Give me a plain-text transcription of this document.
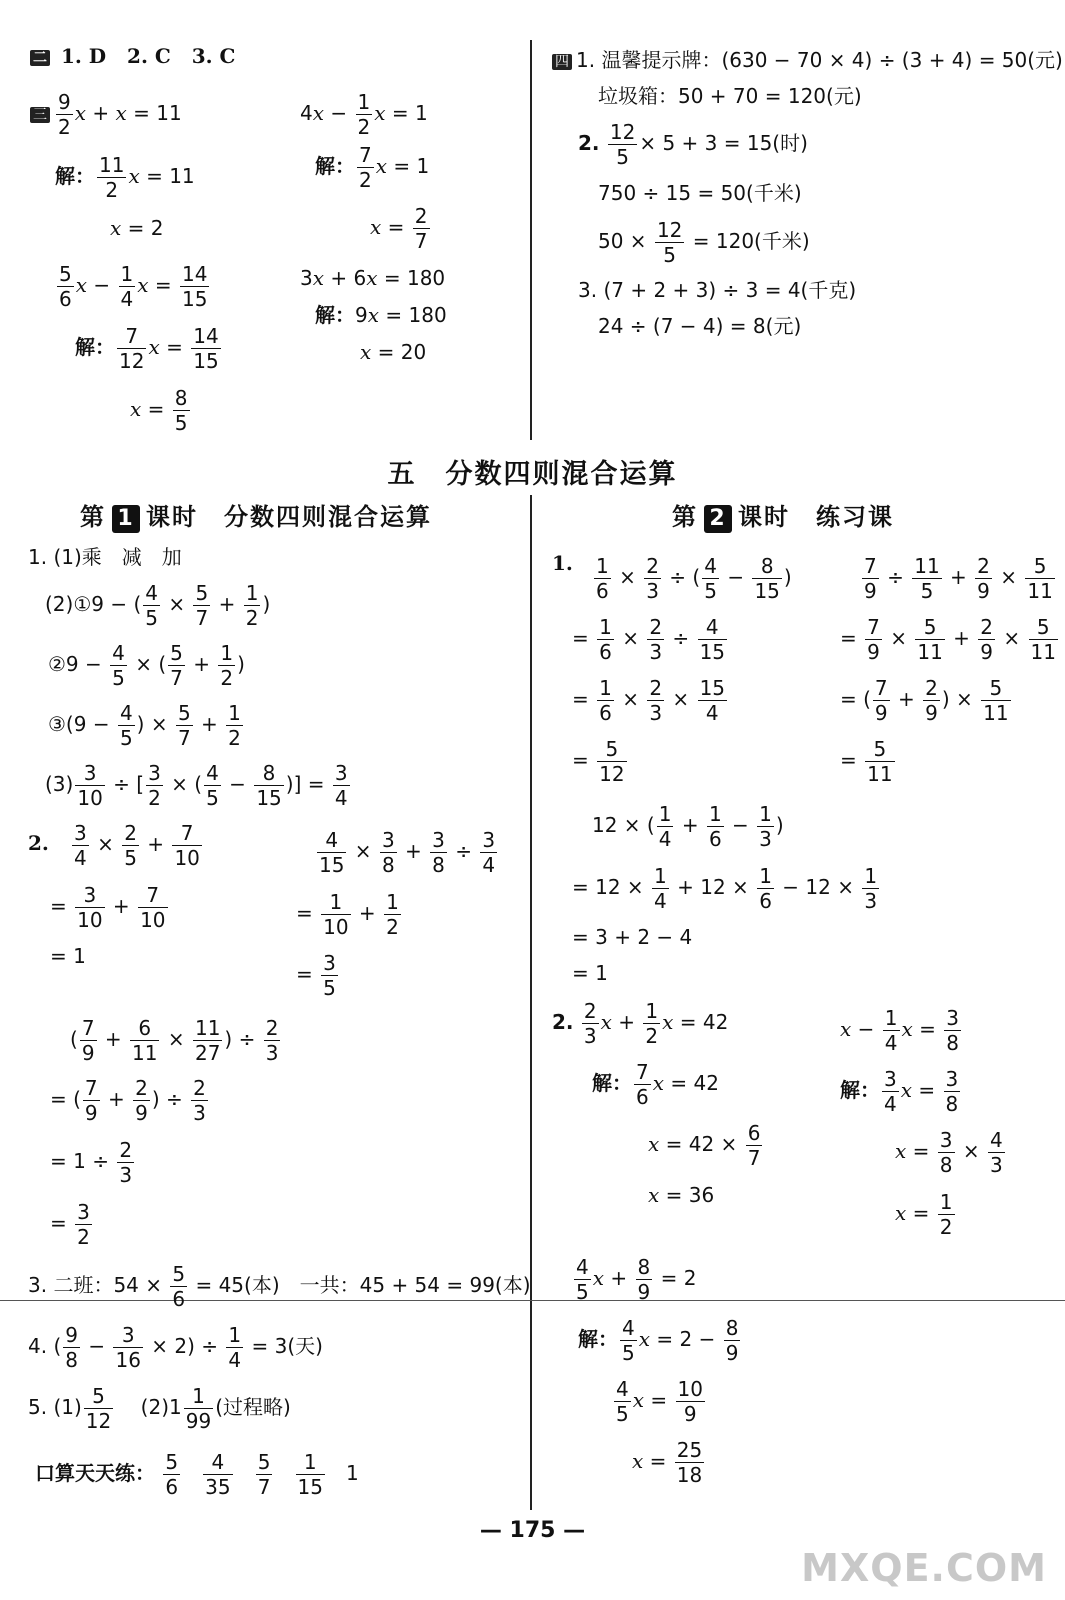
二 1. D 2. C 3. C
三 $\frac{9}{2}$ x + x = 11
解： $\frac{11}{2}$ x = 11
x = 2
$\frac{5}{6}$ $x - \frac{1}{4}$ $x = \frac{14}{15}$
解： $\frac{7}{12}$ $x = \frac{14}{15}$
$x = \frac{8}{5}$
$4x - \frac{1}{2}$ x = 1
解： $\frac{7}{2}$ x = 1
$x = \frac{2}{7}$
3x + 6x = 180
解：9x = 180
x = 20
四 1. 温馨提示牌：(630 − 70 × 4) ÷ (3 + 4) = 50(元)
垃圾箱：50 + 70 = 120(元)
2. $\frac{12}{5} \times 5 + 3 = 15$(时)
750 ÷ 15 = 50(千米)
$50 \times \frac{12}{5} = 120$(千米)
3. (7 + 2 + 3) ÷ 3 = 4(千克)
24 ÷ (7 − 4) = 8(元)
五　分数四则混合运算
第 1 课时　分数四则混合运算	第 2 课时　练习课
1. (1)乘　减　加
(2)①9 − ( $\frac{4}{5} \times \frac{5}{7} + \frac{1}{2}$ )
②9 − $\frac{4}{5}$ × ( $\frac{5}{7} + \frac{1}{2}$ )
③(9 − $\frac{4}{5}$ ) × $\frac{5}{7} + \frac{1}{2}$
$(3) \frac{3}{10}$ ÷ [ $\frac{3}{2}$ × ( $\frac{4}{5} - \frac{8}{15}$ )] = $\frac{3}{4}$
2. $\frac{3}{4} \times \frac{2}{5} + \frac{7}{10}$
= $\frac{3}{10} + \frac{7}{10}$
= 1
$\frac{4}{15} \times \frac{3}{8} + \frac{3}{8} \div \frac{3}{4}$
= $\frac{1}{10} + \frac{1}{2}$
= $\frac{3}{5}$
( $\frac{7}{9} + \frac{6}{11} \times \frac{11}{27}$ ) ÷ $\frac{2}{3}$
= ( $\frac{7}{9} + \frac{2}{9}$ ) ÷ $\frac{2}{3}$
= $1 \div \frac{2}{3}$
= $\frac{3}{2}$
3. 二班：$54 \times \frac{5}{6} = 45$(本)　一共：45 + 54 = 99(本)
4. ( $\frac{9}{8} - \frac{3}{16} \times 2) \div \frac{1}{4} = 3$(天)
5. $(1) \frac{5}{12} (2)1 \frac{1}{99}$ (过程略)
口算天天练： $\frac{5}{6}$
$\frac{4}{35}$
$\frac{5}{7}$
$\frac{1}{15} 1$
1. $\frac{1}{6} \times \frac{2}{3}$ ÷ ( $\frac{4}{5} - \frac{8}{15}$ )
= $\frac{1}{6} \times \frac{2}{3} \div \frac{4}{15}$
= $\frac{1}{6} \times \frac{2}{3} \times \frac{15}{4}$
= $\frac{5}{12}$
$\frac{7}{9} \div \frac{11}{5} + \frac{2}{9} \times \frac{5}{11}$
= $\frac{7}{9} \times \frac{5}{11} + \frac{2}{9} \times \frac{5}{11}$
= ( $\frac{7}{9} + \frac{2}{9}$ ) × $\frac{5}{11}$
= $\frac{5}{11}$
12 × ( $\frac{1}{4} + \frac{1}{6} - \frac{1}{3}$ )
= $12 \times \frac{1}{4} + 12 \times \frac{1}{6} - 12 \times \frac{1}{3}$
= 3 + 2 − 4
= 1
2. $\frac{2}{3}$ $x + \frac{1}{2}$ x = 42
解： $\frac{7}{6}$ x = 42
$x = 42 \times \frac{6}{7}$
x = 36
$x - \frac{1}{4}$ $x = \frac{3}{8}$
解： $\frac{3}{4}$ $x = \frac{3}{8}$
$x = \frac{3}{8} \times \frac{4}{3}$
$x = \frac{1}{2}$
$\frac{4}{5}$ $x + \frac{8}{9} = 2$
解： $\frac{4}{5}$ $x = 2 - \frac{8}{9}$
$\frac{4}{5}$ $x = \frac{10}{9}$
$x = \frac{25}{18}$
— 175 —
MXQE.COM
